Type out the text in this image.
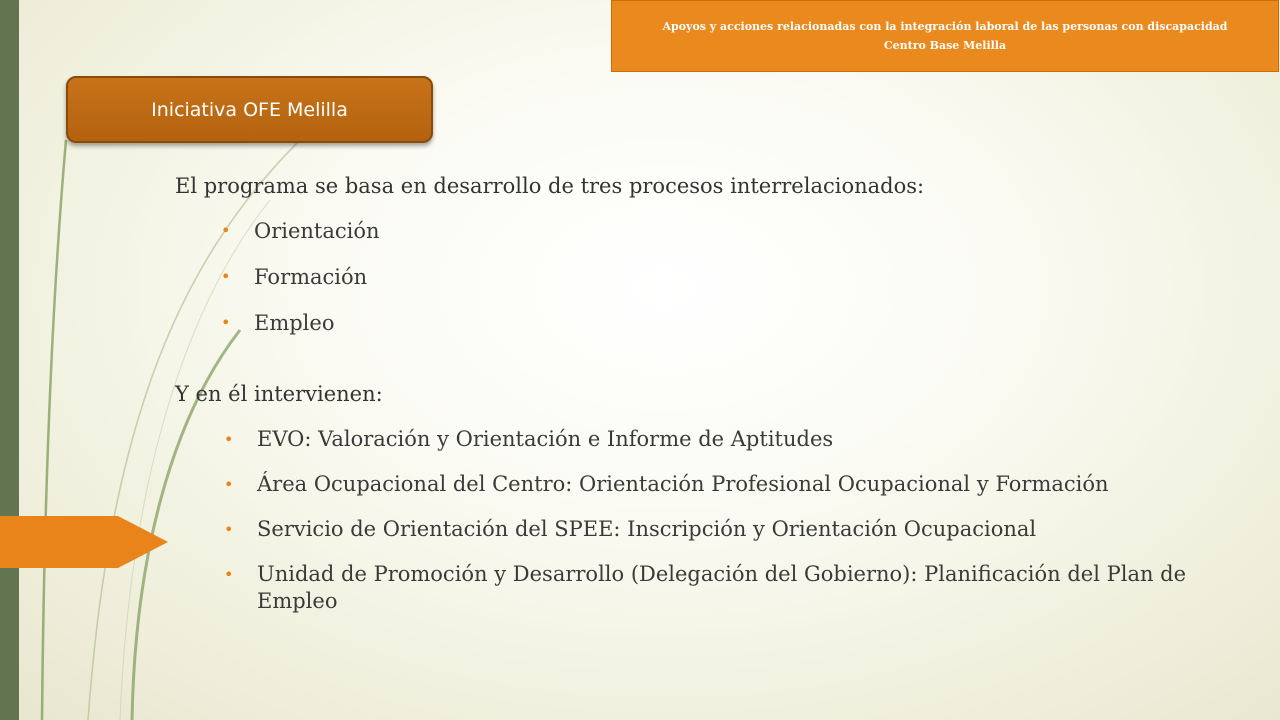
Apoyos y acciones relacionadas con la integración laboral de las personas con discapacidad
Centro Base Melilla
Iniciativa OFE Melilla
El programa se basa en desarrollo de tres procesos interrelacionados:
• Orientación
• Formación
• Empleo
Y en él intervienen:
• EVO: Valoración y Orientación e Informe de Aptitudes
• Área Ocupacional del Centro: Orientación Profesional Ocupacional y Formación
• Servicio de Orientación del SPEE: Inscripción y Orientación Ocupacional
• Unidad de Promoción y Desarrollo (Delegación del Gobierno): Planificación del Plan de Empleo
